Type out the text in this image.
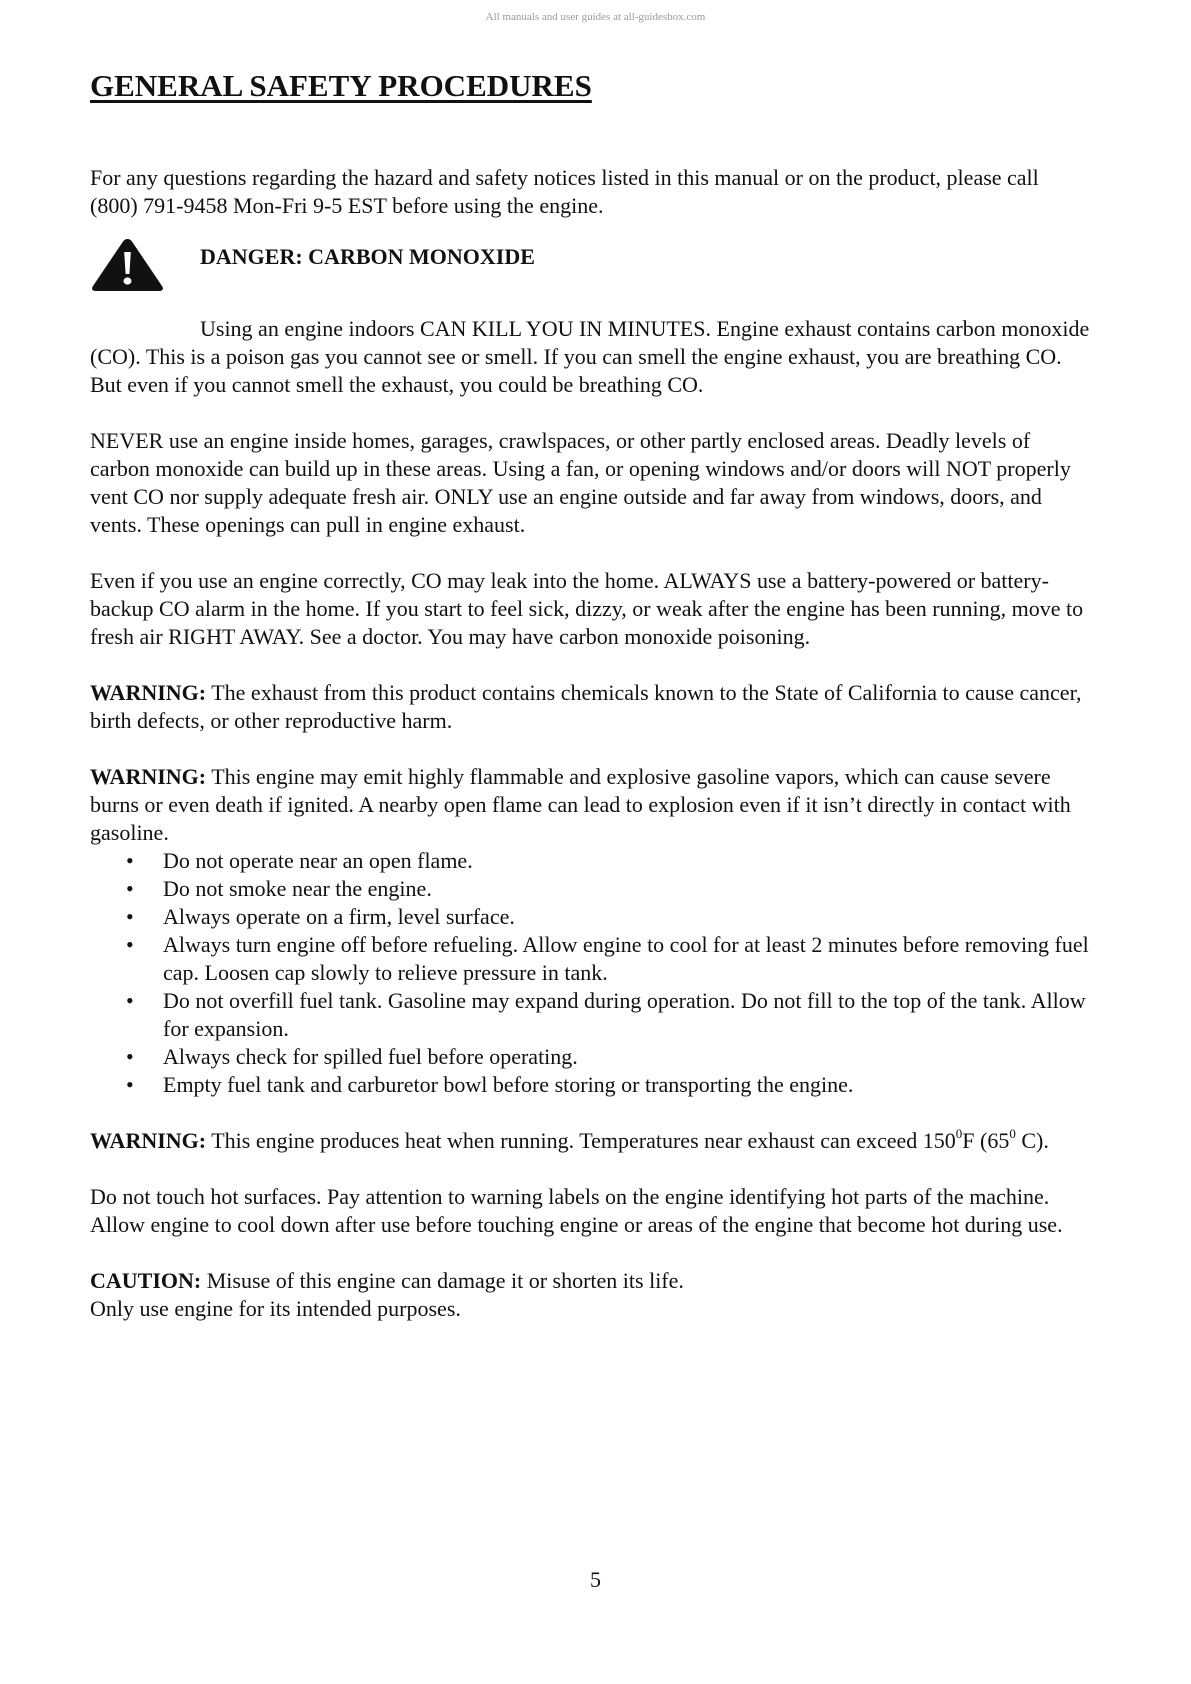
All manuals and user guides at all-guidesbox.com
GENERAL SAFETY PROCEDURES

For any questions regarding the hazard and safety notices listed in this manual or on the product, please call (800) 791-9458 Mon-Fri 9-5 EST before using the engine.

DANGER: CARBON MONOXIDE

Using an engine indoors CAN KILL YOU IN MINUTES. Engine exhaust contains carbon monoxide (CO). This is a poison gas you cannot see or smell. If you can smell the engine exhaust, you are breathing CO. But even if you cannot smell the exhaust, you could be breathing CO.

NEVER use an engine inside homes, garages, crawlspaces, or other partly enclosed areas. Deadly levels of carbon monoxide can build up in these areas. Using a fan, or opening windows and/or doors will NOT properly vent CO nor supply adequate fresh air. ONLY use an engine outside and far away from windows, doors, and vents. These openings can pull in engine exhaust.

Even if you use an engine correctly, CO may leak into the home. ALWAYS use a battery-powered or battery-backup CO alarm in the home. If you start to feel sick, dizzy, or weak after the engine has been running, move to fresh air RIGHT AWAY. See a doctor. You may have carbon monoxide poisoning.

WARNING: The exhaust from this product contains chemicals known to the State of California to cause cancer, birth defects, or other reproductive harm.

WARNING: This engine may emit highly flammable and explosive gasoline vapors, which can cause severe burns or even death if ignited. A nearby open flame can lead to explosion even if it isn’t directly in contact with gasoline.

• Do not operate near an open flame.
• Do not smoke near the engine.
• Always operate on a firm, level surface.
• Always turn engine off before refueling. Allow engine to cool for at least 2 minutes before removing fuel cap. Loosen cap slowly to relieve pressure in tank.
• Do not overfill fuel tank. Gasoline may expand during operation. Do not fill to the top of the tank. Allow for expansion.
• Always check for spilled fuel before operating.
• Empty fuel tank and carburetor bowl before storing or transporting the engine.

WARNING: This engine produces heat when running. Temperatures near exhaust can exceed $150^0F$ ($65^0$ C).

Do not touch hot surfaces. Pay attention to warning labels on the engine identifying hot parts of the machine.

Allow engine to cool down after use before touching engine or areas of the engine that become hot during use.

CAUTION: Misuse of this engine can damage it or shorten its life.

Only use engine for its intended purposes.

5
